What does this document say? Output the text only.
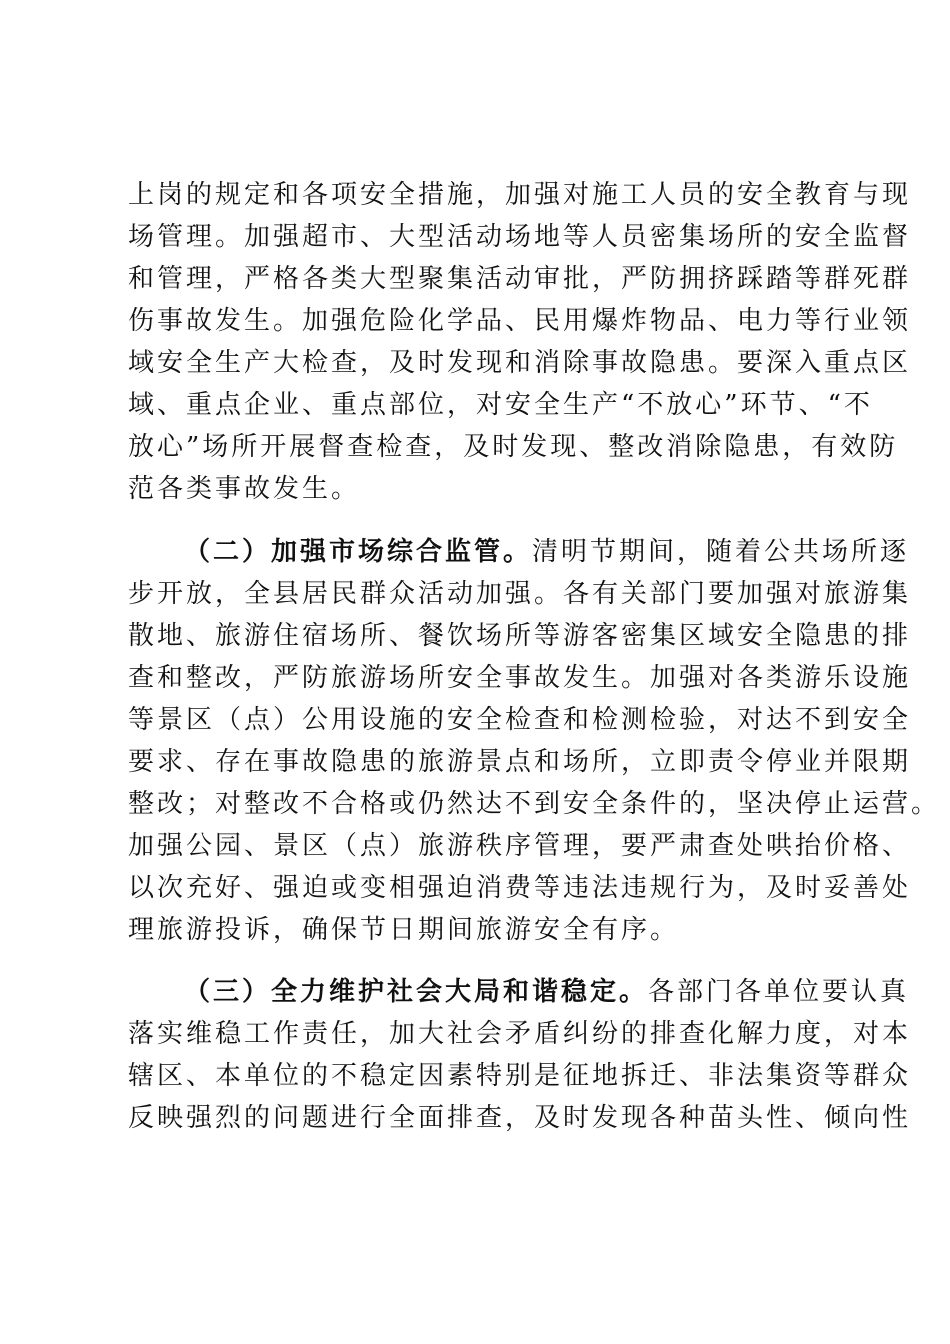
上岗的规定和各项安全措施，加强对施工人员的安全教育与现
场管理。加强超市、大型活动场地等人员密集场所的安全监督
和管理，严格各类大型聚集活动审批，严防拥挤踩踏等群死群
伤事故发生。加强危险化学品、民用爆炸物品、电力等行业领
域安全生产大检查，及时发现和消除事故隐患。要深入重点区
域、重点企业、重点部位，对安全生产“不放心”环节、“不
放心”场所开展督查检查，及时发现、整改消除隐患，有效防
范各类事故发生。
（二）加强市场综合监管。清明节期间，随着公共场所逐
步开放，全县居民群众活动加强。各有关部门要加强对旅游集
散地、旅游住宿场所、餐饮场所等游客密集区域安全隐患的排
查和整改，严防旅游场所安全事故发生。加强对各类游乐设施
等景区（点）公用设施的安全检查和检测检验，对达不到安全
要求、存在事故隐患的旅游景点和场所，立即责令停业并限期
整改；对整改不合格或仍然达不到安全条件的，坚决停止运营。
加强公园、景区（点）旅游秩序管理，要严肃查处哄抬价格、
以次充好、强迫或变相强迫消费等违法违规行为，及时妥善处
理旅游投诉，确保节日期间旅游安全有序。
（三）全力维护社会大局和谐稳定。各部门各单位要认真
落实维稳工作责任，加大社会矛盾纠纷的排查化解力度，对本
辖区、本单位的不稳定因素特别是征地拆迁、非法集资等群众
反映强烈的问题进行全面排查，及时发现各种苗头性、倾向性
